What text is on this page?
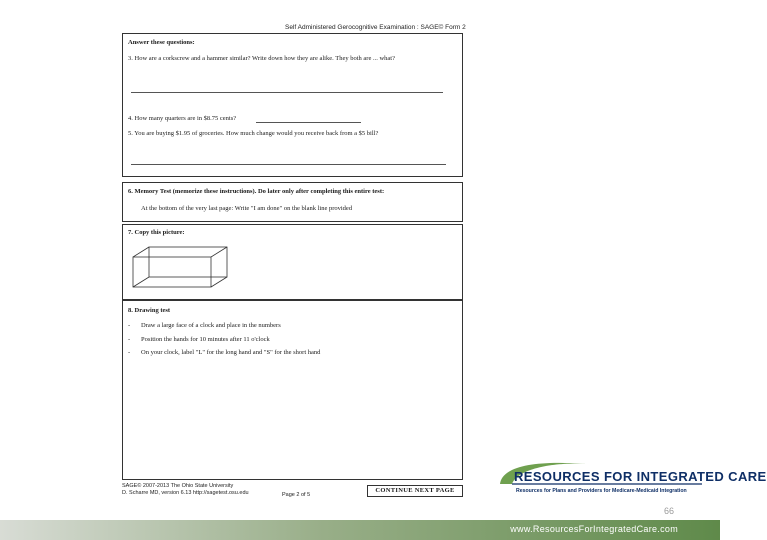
Self Administered Gerocognitive Examination : SAGE© Form 2
Answer these questions:
3. How are a corkscrew and a hammer similar? Write down how they are alike. They both are ... what?
4. How many quarters are in $8.75 cents?
5. You are buying $1.95 of groceries. How much change would you receive back from a $5 bill?
6. Memory Test (memorize these instructions). Do later only after completing this entire test:
At the bottom of the very last page: Write "I am done" on the blank line provided
7. Copy this picture:
8. Drawing test
- Draw a large face of a clock and place in the numbers
- Position the hands for 10 minutes after 11 o'clock
- On your clock, label "L" for the long hand and "S" for the short hand
SAGE© 2007-2013 The Ohio State University
D. Scharre MD, version 6.13 http://sagetest.osu.edu	Page 2 of 5
CONTINUE NEXT PAGE
RESOURCES FOR INTEGRATED CARE
Resources for Plans and Providers for Medicare-Medicaid Integration
66
www.ResourcesForIntegratedCare.com
